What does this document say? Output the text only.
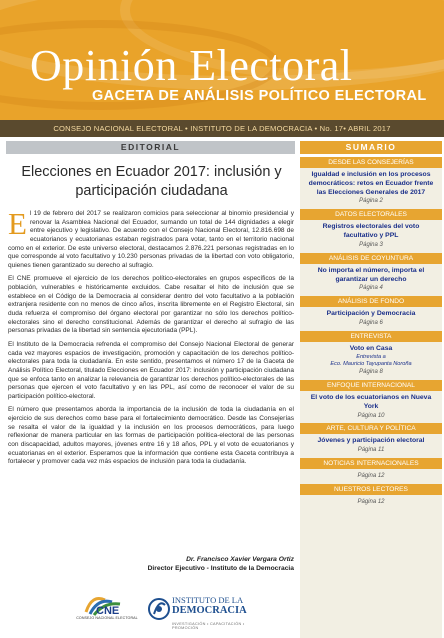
Opinión Electoral
GACETA DE ANÁLISIS POLÍTICO ELECTORAL
CONSEJO NACIONAL ELECTORAL • INSTITUTO DE LA DEMOCRACIA • No. 17• ABRIL 2017
EDITORIAL	SUMARIO
Elecciones en Ecuador 2017: inclusión y participación ciudadana

El 19 de febrero del 2017 se realizaron comicios para seleccionar al binomio presidencial y renovar la Asamblea Nacional del Ecuador, sumando un total de 144 dignidades a elegir entre ejecutivo y legislativo. De acuerdo con el Consejo Nacional Electoral, 12.816.698 de ecuatorianos y ecuatorianas estaban registrados para votar, tanto en el territorio nacional como en el exterior. De este universo electoral, destacamos 2.876.221 personas registradas en lo que corresponde al voto facultativo y 10.230 personas privadas de la libertad con voto obligatorio, quienes tienen garantizado su derecho al sufragio.

El CNE promueve el ejercicio de los derechos político-electorales en grupos específicos de la población, vulnerables e históricamente excluidos. Cabe resaltar el hito de inclusión que se establece en el Código de la Democracia al considerar dentro del voto facultativo a la población extranjera residente con no menos de cinco años, inscrita libremente en el Registro Electoral, sin duda refuerza el compromiso del órgano electoral por garantizar no sólo los derechos político-electorales sino el derecho constitucional. Además de garantizar el derecho al sufragio de las personas privadas de la libertad sin sentencia ejecutoriada (PPL).

El Instituto de la Democracia refrenda el compromiso del Consejo Nacional Electoral de generar cada vez mayores espacios de investigación, promoción y capacitación de los derechos político-electorales para toda la ciudadanía. En este sentido, presentamos el número 17 de la Gaceta de Análisis Político Electoral, titulado Elecciones en Ecuador 2017: inclusión y participación ciudadana que se enfoca tanto en analizar la relevancia de garantizar los derechos político-electorales de las personas que ejercen el voto facultativo y en las PPL, así como de reconocer el valor de su participación político-electoral.

El número que presentamos aborda la importancia de la inclusión de toda la ciudadanía en el ejercicio de sus derechos como base para el fortalecimiento democrático. Desde las Consejerías se resalta el valor de la igualdad y la inclusión en los procesos democráticos, para luego reflexionar de manera particular en las formas de participación política-electoral de las personas con discapacidad, adultos mayores, jóvenes entre 16 y 18 años, PPL y el voto de ecuatorianos y ecuatorianas en el exterior. Esperamos que la información que contiene esta Gaceta contribuya a fortalecer y promover cada vez más espacios de inclusión para toda la ciudadanía.

Dr. Francisco Xavier Vergara Ortiz
Director Ejecutivo - Instituto de la Democracia
CNE
CONSEJO NACIONAL ELECTORAL
INSTITUTO DE LA
DEMOCRACIA
INVESTIGACIÓN • CAPACITACIÓN • PROMOCIÓN
DESDE LAS CONSEJERÍAS
Igualdad e inclusión en los procesos democráticos: retos en Ecuador frente las Elecciones Generales de 2017
Página 2
DATOS ELECTORALES
Registros electorales del voto facultativo y PPL
Página 3
ANÁLISIS DE COYUNTURA
No importa el número, importa el garantizar un derecho
Página 4
ANÁLISIS DE FONDO
Participación y Democracia
Página 6
ENTREVISTA
Voto en Casa
Entrevista a
Eco. Mauricio Tayupanta Noroña
Página 8
ENFOQUE INTERNACIONAL
El voto de los ecuatorianos en Nueva York
Página 10
ARTE, CULTURA Y POLÍTICA
Jóvenes y participación electoral
Página 11
NOTICIAS INTERNACIONALES
Página 12
NUESTROS LECTORES
Página 12
